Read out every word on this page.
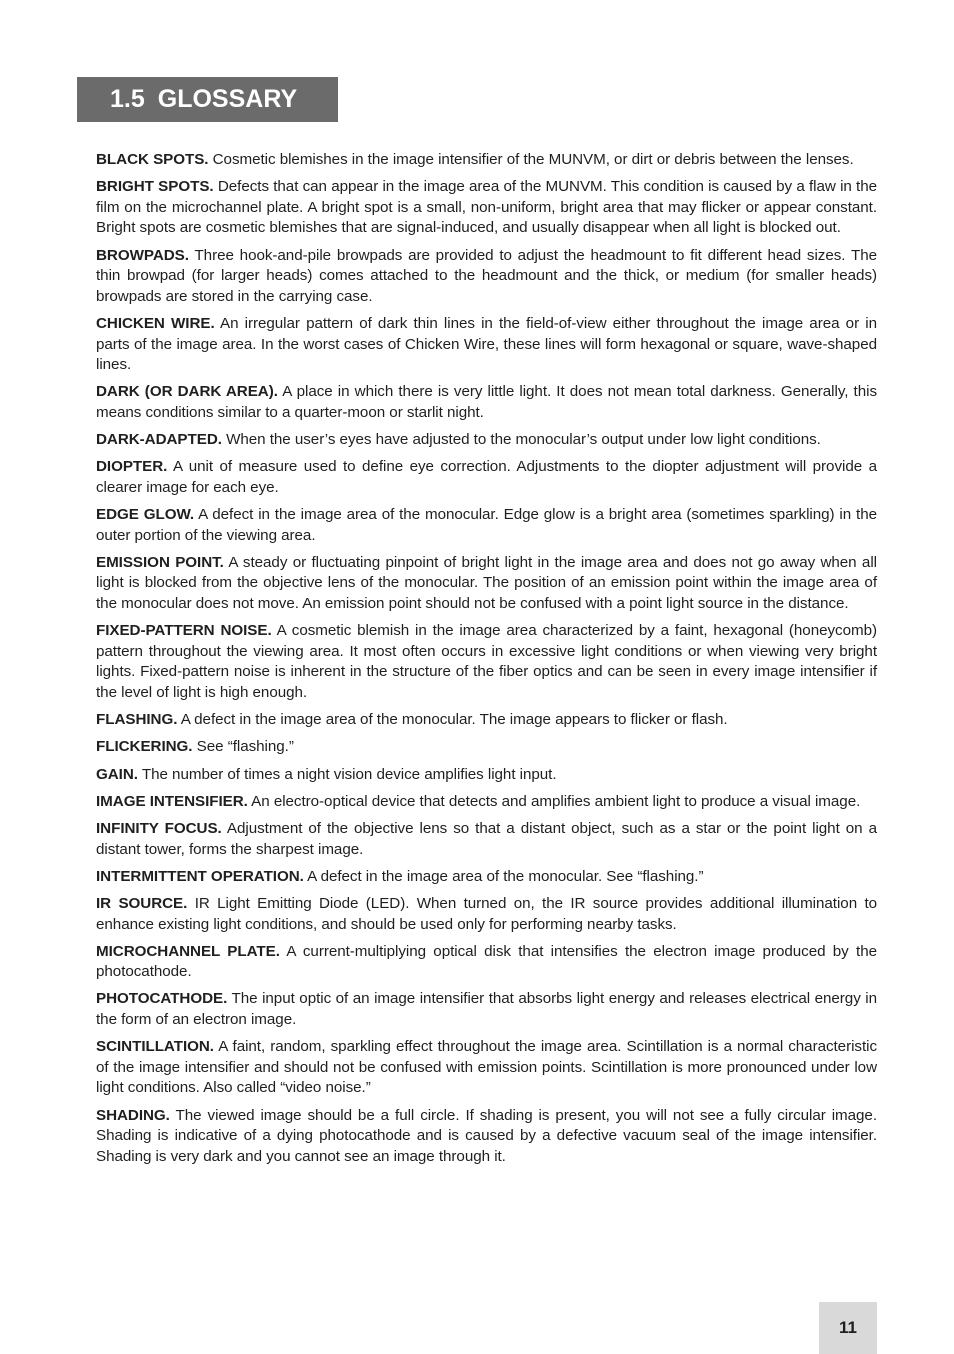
1.5 GLOSSARY
BLACK SPOTS. Cosmetic blemishes in the image intensifier of the MUNVM, or dirt or debris between the lenses.
BRIGHT SPOTS. Defects that can appear in the image area of the MUNVM. This condition is caused by a flaw in the film on the microchannel plate. A bright spot is a small, non-uniform, bright area that may flicker or appear constant. Bright spots are cosmetic blemishes that are signal-induced, and usually disappear when all light is blocked out.
BROWPADS. Three hook-and-pile browpads are provided to adjust the headmount to fit different head sizes. The thin browpad (for larger heads) comes attached to the headmount and the thick, or medium (for smaller heads) browpads are stored in the carrying case.
CHICKEN WIRE. An irregular pattern of dark thin lines in the field-of-view either throughout the image area or in parts of the image area. In the worst cases of Chicken Wire, these lines will form hexagonal or square, wave-shaped lines.
DARK (OR DARK AREA). A place in which there is very little light. It does not mean total darkness. Generally, this means conditions similar to a quarter-moon or starlit night.
DARK-ADAPTED. When the user’s eyes have adjusted to the monocular’s output under low light conditions.
DIOPTER. A unit of measure used to define eye correction. Adjustments to the diopter adjustment will provide a clearer image for each eye.
EDGE GLOW. A defect in the image area of the monocular. Edge glow is a bright area (sometimes sparkling) in the outer portion of the viewing area.
EMISSION POINT. A steady or fluctuating pinpoint of bright light in the image area and does not go away when all light is blocked from the objective lens of the monocular. The position of an emission point within the image area of the monocular does not move. An emission point should not be confused with a point light source in the distance.
FIXED-PATTERN NOISE. A cosmetic blemish in the image area characterized by a faint, hexagonal (honeycomb) pattern throughout the viewing area. It most often occurs in excessive light conditions or when viewing very bright lights. Fixed-pattern noise is inherent in the structure of the fiber optics and can be seen in every image intensifier if the level of light is high enough.
FLASHING. A defect in the image area of the monocular. The image appears to flicker or flash.
FLICKERING. See “flashing.”
GAIN. The number of times a night vision device amplifies light input.
IMAGE INTENSIFIER. An electro-optical device that detects and amplifies ambient light to produce a visual image.
INFINITY FOCUS. Adjustment of the objective lens so that a distant object, such as a star or the point light on a distant tower, forms the sharpest image.
INTERMITTENT OPERATION. A defect in the image area of the monocular. See “flashing.”
IR SOURCE. IR Light Emitting Diode (LED). When turned on, the IR source provides additional illumination to enhance existing light conditions, and should be used only for performing nearby tasks.
MICROCHANNEL PLATE. A current-multiplying optical disk that intensifies the electron image produced by the photocathode.
PHOTOCATHODE. The input optic of an image intensifier that absorbs light energy and releases electrical energy in the form of an electron image.
SCINTILLATION. A faint, random, sparkling effect throughout the image area. Scintillation is a normal characteristic of the image intensifier and should not be confused with emission points. Scintillation is more pronounced under low light conditions. Also called “video noise.”
SHADING. The viewed image should be a full circle. If shading is present, you will not see a fully circular image. Shading is indicative of a dying photocathode and is caused by a defective vacuum seal of the image intensifier. Shading is very dark and you cannot see an image through it.
11
